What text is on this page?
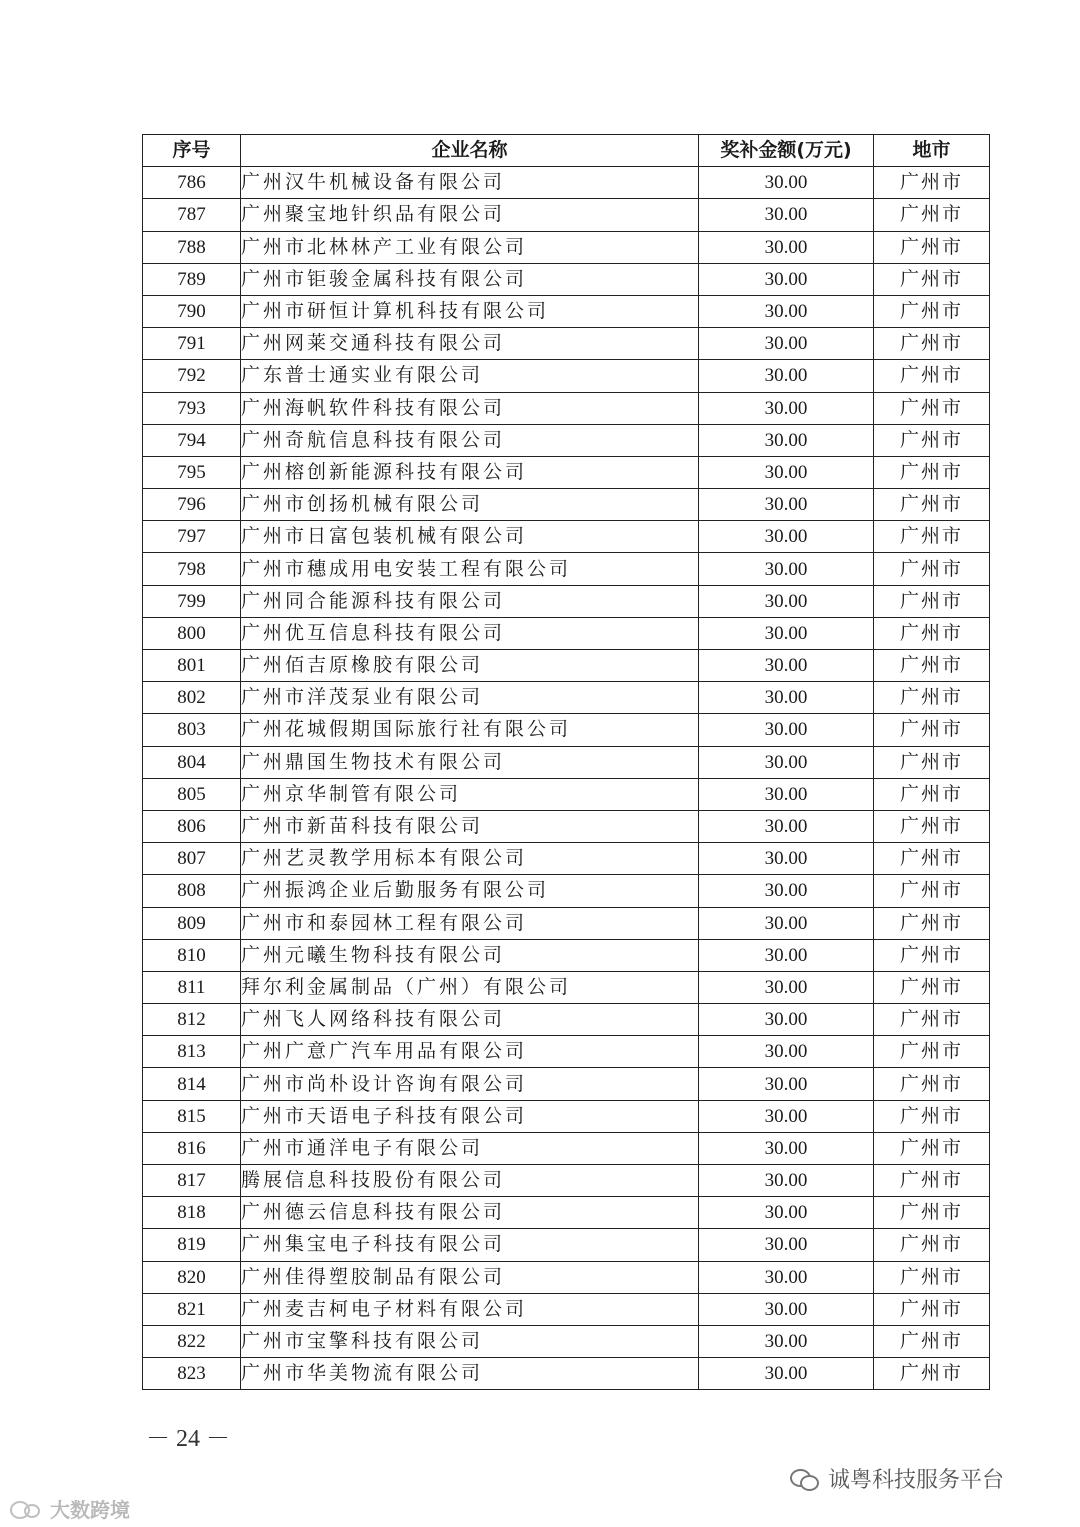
序号	企业名称	奖补金额(万元)	地市
786	广州汉牛机械设备有限公司	30.00	广州市
787	广州聚宝地针织品有限公司	30.00	广州市
788	广州市北林林产工业有限公司	30.00	广州市
789	广州市钜骏金属科技有限公司	30.00	广州市
790	广州市研恒计算机科技有限公司	30.00	广州市
791	广州网莱交通科技有限公司	30.00	广州市
792	广东普士通实业有限公司	30.00	广州市
793	广州海帆软件科技有限公司	30.00	广州市
794	广州奇航信息科技有限公司	30.00	广州市
795	广州榕创新能源科技有限公司	30.00	广州市
796	广州市创扬机械有限公司	30.00	广州市
797	广州市日富包装机械有限公司	30.00	广州市
798	广州市穗成用电安装工程有限公司	30.00	广州市
799	广州同合能源科技有限公司	30.00	广州市
800	广州优互信息科技有限公司	30.00	广州市
801	广州佰吉原橡胶有限公司	30.00	广州市
802	广州市洋茂泵业有限公司	30.00	广州市
803	广州花城假期国际旅行社有限公司	30.00	广州市
804	广州鼎国生物技术有限公司	30.00	广州市
805	广州京华制管有限公司	30.00	广州市
806	广州市新苗科技有限公司	30.00	广州市
807	广州艺灵教学用标本有限公司	30.00	广州市
808	广州振鸿企业后勤服务有限公司	30.00	广州市
809	广州市和泰园林工程有限公司	30.00	广州市
810	广州元曦生物科技有限公司	30.00	广州市
811	拜尔利金属制品（广州）有限公司	30.00	广州市
812	广州飞人网络科技有限公司	30.00	广州市
813	广州广意广汽车用品有限公司	30.00	广州市
814	广州市尚朴设计咨询有限公司	30.00	广州市
815	广州市天语电子科技有限公司	30.00	广州市
816	广州市通洋电子有限公司	30.00	广州市
817	腾展信息科技股份有限公司	30.00	广州市
818	广州德云信息科技有限公司	30.00	广州市
819	广州集宝电子科技有限公司	30.00	广州市
820	广州佳得塑胶制品有限公司	30.00	广州市
821	广州麦吉柯电子材料有限公司	30.00	广州市
822	广州市宝擎科技有限公司	30.00	广州市
823	广州市华美物流有限公司	30.00	广州市
－ 24 －
诚粤科技服务平台
大数跨境
